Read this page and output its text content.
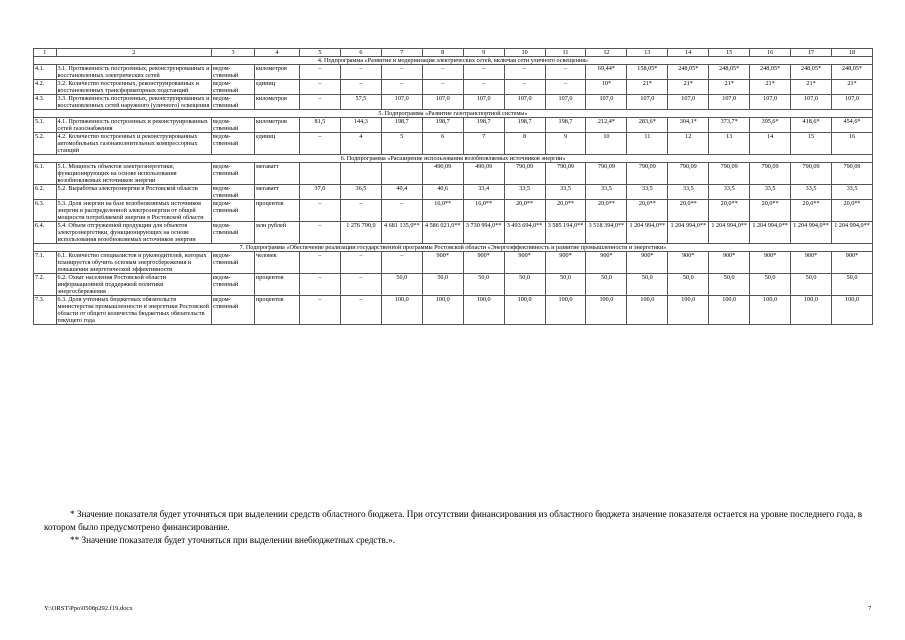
1	2	3	4	5	6	7	8	9	10	11	12	13	14	15	16	17	18
4. Подпрограмма «Развитие и модернизация электрических сетей, включая сети уличного освещения»																	
4.1.	3.1. Протяженность построенных, реконструированных и восстановленных электрических сетей	ведом- ственный	километров	–	–	–	–	–	–	–	69,44*	158,05*	248,05*	248,05*	248,05*	248,05*	248,05*
4.2.	3.2. Количество построенных, реконструированных и восстановленных трансформаторных подстанций	ведом- ственный	единиц	–	–	–	–	–	–	–	10*	21*	21*	21*	21*	21*	21*
4.3.	3.3. Протяженность построенных, реконструированных и восстановленных сетей наружного (уличного) освещения	ведом- ственный	километров	–	57,5	107,0	107,0	107,0	107,0	107,0	107,0	107,0	107,0	107,0	107,0	107,0	107,0
5. Подпрограмма «Развитие газотранспортной системы»																	
5.1.	4.1. Протяженность построенных и реконструированных сетей газоснабжения	ведом- ственный	километров	81,5	144,3	198,7	198,7	198,7	198,7	198,7	212,4*	283,6*	304,1*	373,7*	395,6*	418,6*	454,6*
5.2.	4.2. Количество построенных и реконструированных автомобильных газонаполнительных компрессорных станций	ведом- ственный	единиц	–	4	5	6	7	8	9	10	11	12	13	14	15	16
6. Подпрограмма «Расширение использования возобновляемых источников энергии»																	
6.1.	5.1. Мощность объектов электроэнергетики, функционирующих на основе использования возобновляемых источников энергии	ведом- ственный	мегаватт				490,09	490,09	790,09	790,09	790,09	790,09	790,09	790,09	790,09	790,09	790,09
6.2.	5.2. Выработка электроэнергии в Ростовской области	ведом- ственный	мегаватт	37,0	36,5	40,4	40,6	33,4	33,5	33,5	33,5	33,5	33,5	33,5	33,5	33,5	33,5
6.3.	5.3. Доля энергии на базе возобновляемых источников энергии в распределенной электроэнергии от общей мощности потребляемой энергии в Ростовской области	ведом- ственный	процентов	–	–	–	16,0**	16,0**	20,0**	20,0**	20,0**	20,0**	20,0**	20,0**	20,0**	20,0**	20,0**
6.4.	5.4. Объем отгруженной продукции для объектов электроэнергетики, функционирующих на основе использования возобновляемых источников энергии	ведом- ственный	млн рублей	–	1 276 790,0	4 681 135,0**	4 586 021,0**	3 730 994,0**	3 493 694,0**	3 585 194,0**	3 518 394,0**	1 204 994,0**	1 204 994,0**	1 204 994,0**	1 204 994,0**	1 204 994,0**	1 204 994,0**
7. Подпрограмма «Обеспечение реализации государственной программы Ростовской области «Энергоэффективность и развитие промышленности и энергетики»																	
7.1.	6.1. Количество специалистов и руководителей, которых планируется обучить основам энергосбережения и повышения энергетической эффективности	ведом- ственный	человек	–	–	–	900*	900*	900*	900*	900*	900*	900*	900*	900*	900*	900*
7.2.	6.2. Охват населения Ростовской области информационной поддержкой политики энергосбережения	ведом- ственный	процентов	–	–	50,0	50,0	50,0	50,0	50,0	50,0	50,0	50,0	50,0	50,0	50,0	50,0
7.3.	6.3. Доля учтенных бюджетных обязательств министерства промышленности и энергетики Ростовской области от общего количества бюджетных обязательств текущего года	ведом- ственный	процентов	–	–	100,0	100,0	100,0	100,0	100,0	100,0	100,0	100,0	100,0	100,0	100,0	100,0

* Значение показателя будет уточняться при выделении средств областного бюджета. При отсутствии финансирования из областного бюджета значение показателя остается на уровне последнего года, в котором было предусмотрено финансирование.

** Значение показателя будет уточняться при выделении внебюджетных средств.».

Y:\ORST\Ppo\0508p292.f19.docx	7
